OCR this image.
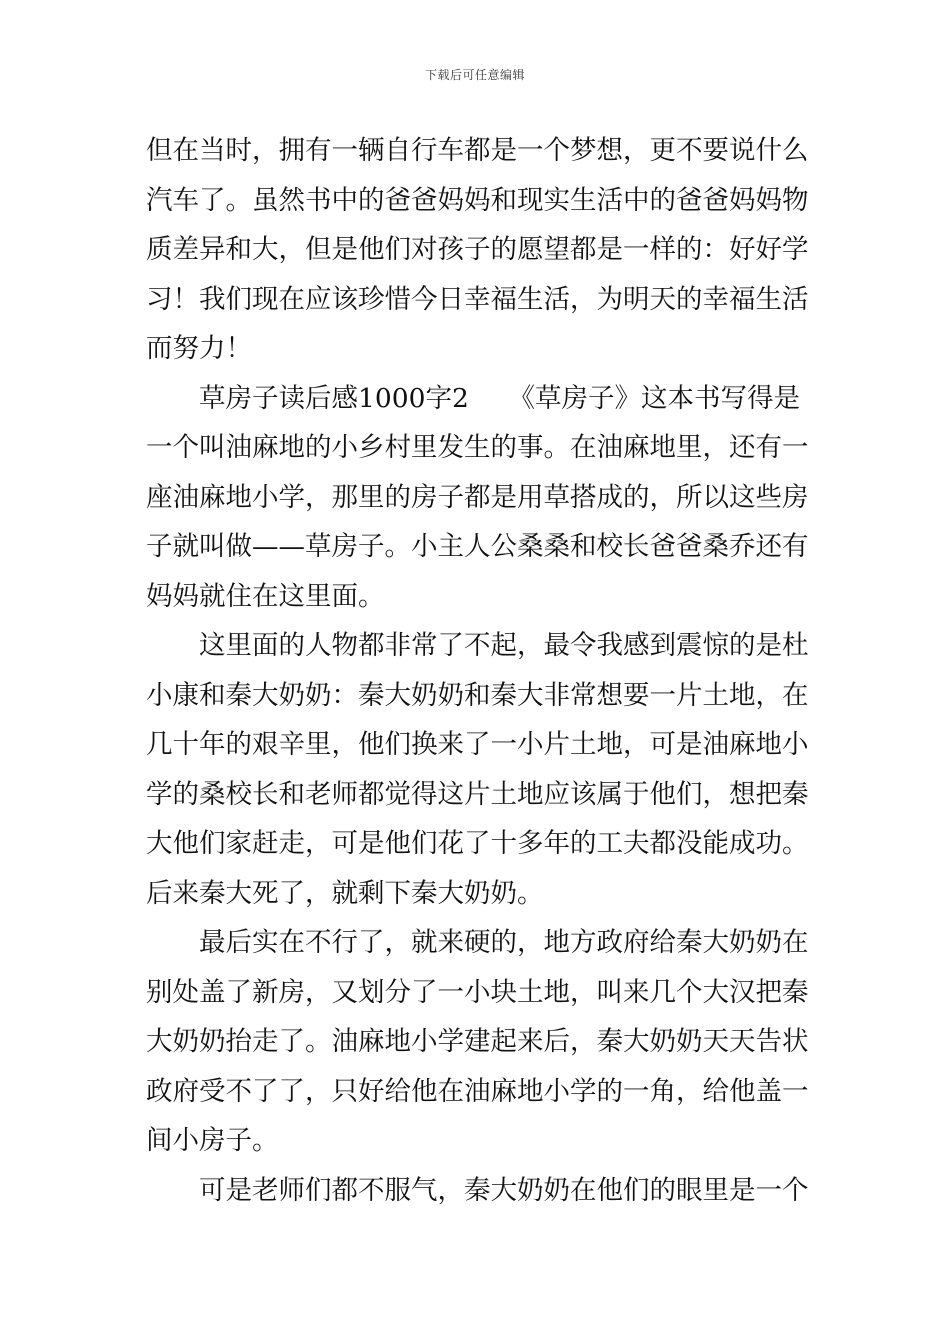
下载后可任意编辑
但在当时，拥有一辆自行车都是一个梦想，更不要说什么
汽车了。虽然书中的爸爸妈妈和现实生活中的爸爸妈妈物
质差异和大，但是他们对孩子的愿望都是一样的：好好学
习！我们现在应该珍惜今日幸福生活，为明天的幸福生活
而努力！
草房子读后感1000字2　　《草房子》这本书写得是
一个叫油麻地的小乡村里发生的事。在油麻地里，还有一
座油麻地小学，那里的房子都是用草搭成的，所以这些房
子就叫做——草房子。小主人公桑桑和校长爸爸桑乔还有
妈妈就住在这里面。
这里面的人物都非常了不起，最令我感到震惊的是杜
小康和秦大奶奶：秦大奶奶和秦大非常想要一片土地，在
几十年的艰辛里，他们换来了一小片土地，可是油麻地小
学的桑校长和老师都觉得这片土地应该属于他们，想把秦
大他们家赶走，可是他们花了十多年的工夫都没能成功。
后来秦大死了，就剩下秦大奶奶。
最后实在不行了，就来硬的，地方政府给秦大奶奶在
别处盖了新房，又划分了一小块土地，叫来几个大汉把秦
大奶奶抬走了。油麻地小学建起来后，秦大奶奶天天告状
政府受不了了，只好给他在油麻地小学的一角，给他盖一
间小房子。
可是老师们都不服气，秦大奶奶在他们的眼里是一个
